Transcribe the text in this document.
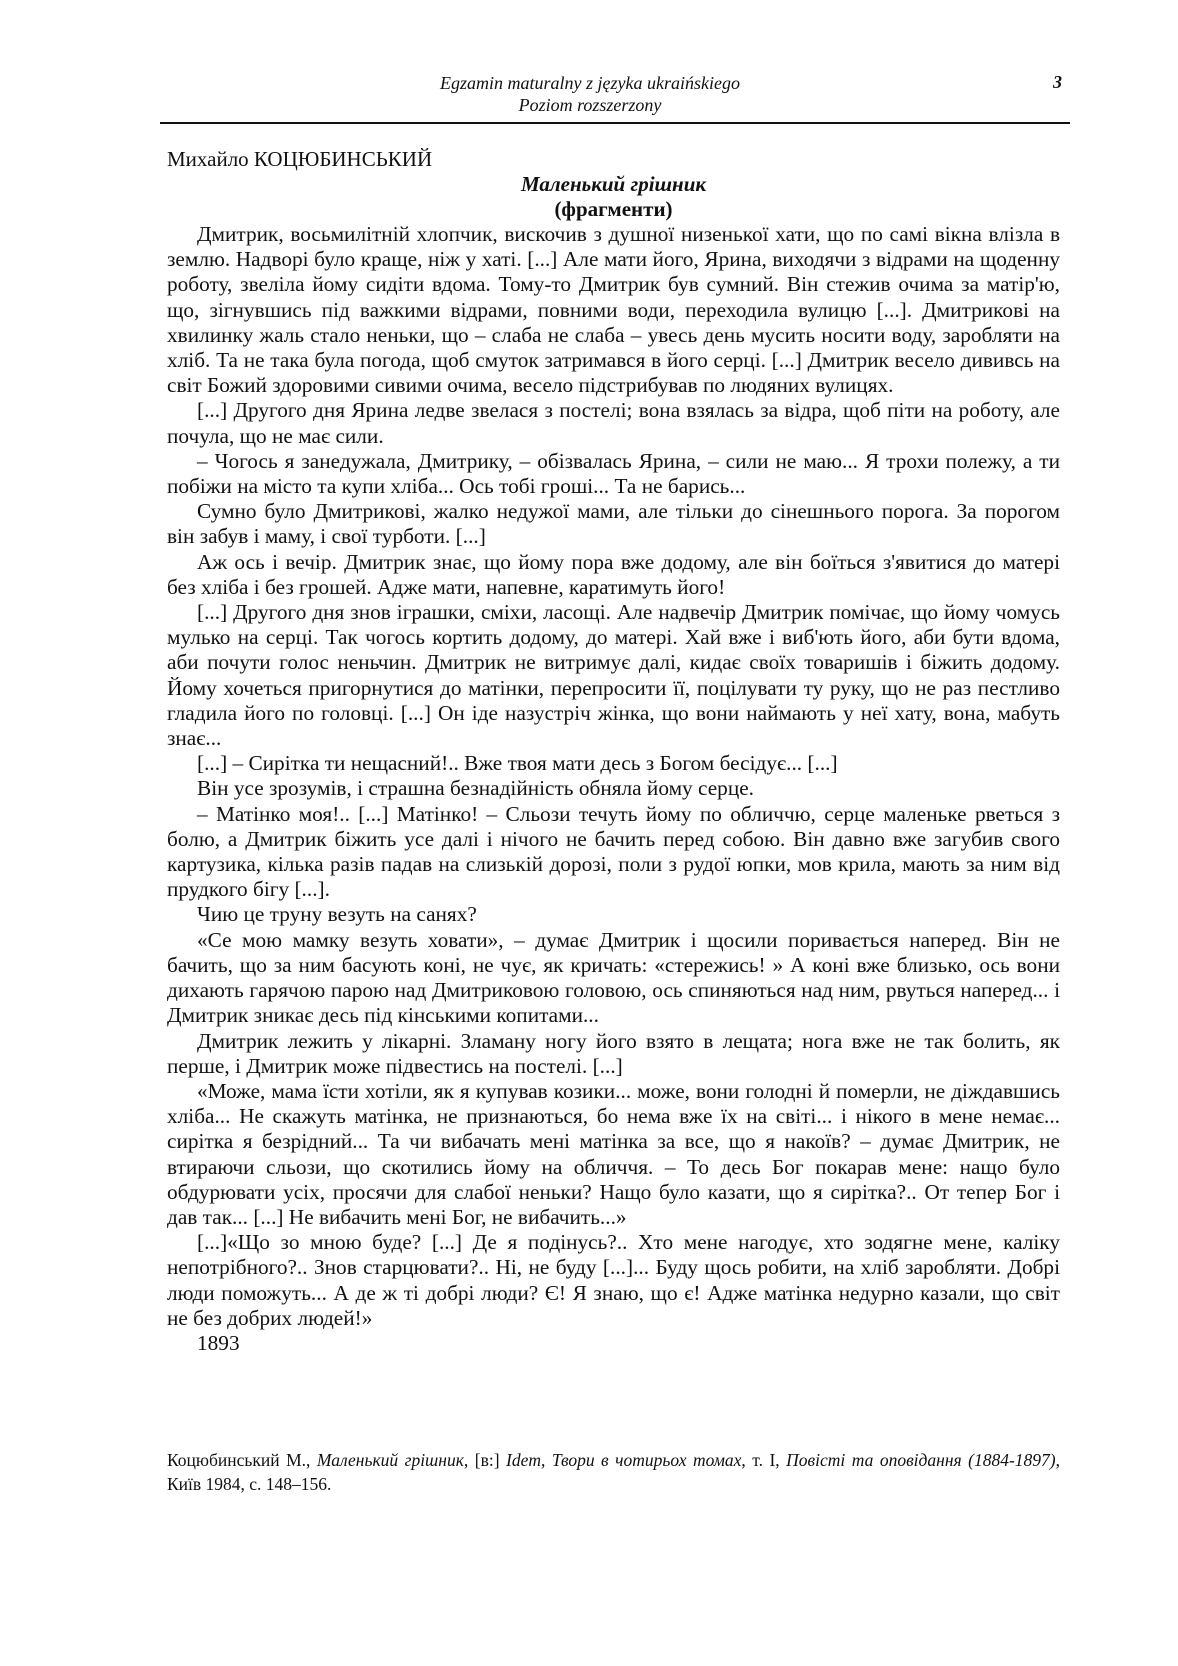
Egzamin maturalny z języka ukraińskiego
Poziom rozszerzony
3
Михайло КОЦЮБИНСЬКИЙ
Маленький грішник
(фрагменти)

Дмитрик, восьмилітній хлопчик, вискочив з душної низенької хати, що по самі вікна влізла в землю. Надворі було краще, ніж у хаті. [...] Але мати його, Ярина, виходячи з відрами на щоденну роботу, звеліла йому сидіти вдома. Тому-то Дмитрик був сумний. Він стежив очима за матір'ю, що, зігнувшись під важкими відрами, повними води, переходила вулицю [...]. Дмитрикові на хвилинку жаль стало неньки, що – слаба не слаба – увесь день мусить носити воду, заробляти на хліб. Та не така була погода, щоб смуток затримався в його серці. [...] Дмитрик весело дививсь на світ Божий здоровими сивими очима, весело підстрибував по людяних вулицях.

[...] Другого дня Ярина ледве звелася з постелі; вона взялась за відра, щоб піти на роботу, але почула, що не має сили.

– Чогось я занедужала, Дмитрику, – обізвалась Ярина, – сили не маю... Я трохи полежу, а ти побіжи на місто та купи хліба... Ось тобі гроші... Та не барись...

Сумно було Дмитрикові, жалко недужої мами, але тільки до сінешнього порога. За порогом він забув і маму, і свої турботи. [...]

Аж ось і вечір. Дмитрик знає, що йому пора вже додому, але він боїться з'явитися до матері без хліба і без грошей. Адже мати, напевне, каратимуть його!

[...] Другого дня знов іграшки, сміхи, ласощі. Але надвечір Дмитрик помічає, що йому чомусь мулько на серці. Так чогось кортить додому, до матері. Хай вже і виб'ють його, аби бути вдома, аби почути голос неньчин. Дмитрик не витримує далі, кидає своїх товаришів і біжить додому. Йому хочеться пригорнутися до матінки, перепросити її, поцілувати ту руку, що не раз пестливо гладила його по головці. [...] Он іде назустріч жінка, що вони наймають у неї хату, вона, мабуть знає...

[...] – Сирітка ти нещасний!.. Вже твоя мати десь з Богом бесідує... [...]

Він усе зрозумів, і страшна безнадійність обняла йому серце.

– Матінко моя!.. [...] Матінко! – Сльози течуть йому по обличчю, серце маленьке рветься з болю, а Дмитрик біжить усе далі і нічого не бачить перед собою. Він давно вже загубив свого картузика, кілька разів падав на слизькій дорозі, поли з рудої юпки, мов крила, мають за ним від прудкого бігу [...].

Чию це труну везуть на санях?

«Се мою мамку везуть ховати», – думає Дмитрик і щосили поривається наперед. Він не бачить, що за ним басують коні, не чує, як кричать: «стережись! » А коні вже близько, ось вони дихають гарячою парою над Дмитриковою головою, ось спиняються над ним, рвуться наперед... і Дмитрик зникає десь під кінськими копитами...

Дмитрик лежить у лікарні. Зламану ногу його взято в лещата; нога вже не так болить, як перше, і Дмитрик може підвестись на постелі. [...]

«Може, мама їсти хотіли, як я купував козики... може, вони голодні й померли, не діждавшись хліба... Не скажуть матінка, не признаються, бо нема вже їх на світі... і нікого в мене немає... сирітка я безрідний... Та чи вибачать мені матінка за все, що я накоїв? – думає Дмитрик, не втираючи сльози, що скотились йому на обличчя. – То десь Бог покарав мене: нащо було обдурювати усіх, просячи для слабої неньки? Нащо було казати, що я сирітка?.. От тепер Бог і дав так... [...] Не вибачить мені Бог, не вибачить...»

[...]«Що зо мною буде? [...] Де я подінусь?.. Хто мене нагодує, хто зодягне мене, каліку непотрібного?.. Знов старцювати?.. Ні, не буду [...]... Буду щось робити, на хліб заробляти. Добрі люди поможуть... А де ж ті добрі люди? Є! Я знаю, що є! Адже матінка недурно казали, що світ не без добрих людей!»

1893

Коцюбинський М., Маленький грішник, [в:] Idem, Твори в чотирьох томах, т. I, Повісті та оповідання (1884-1897), Київ 1984, с. 148–156.
